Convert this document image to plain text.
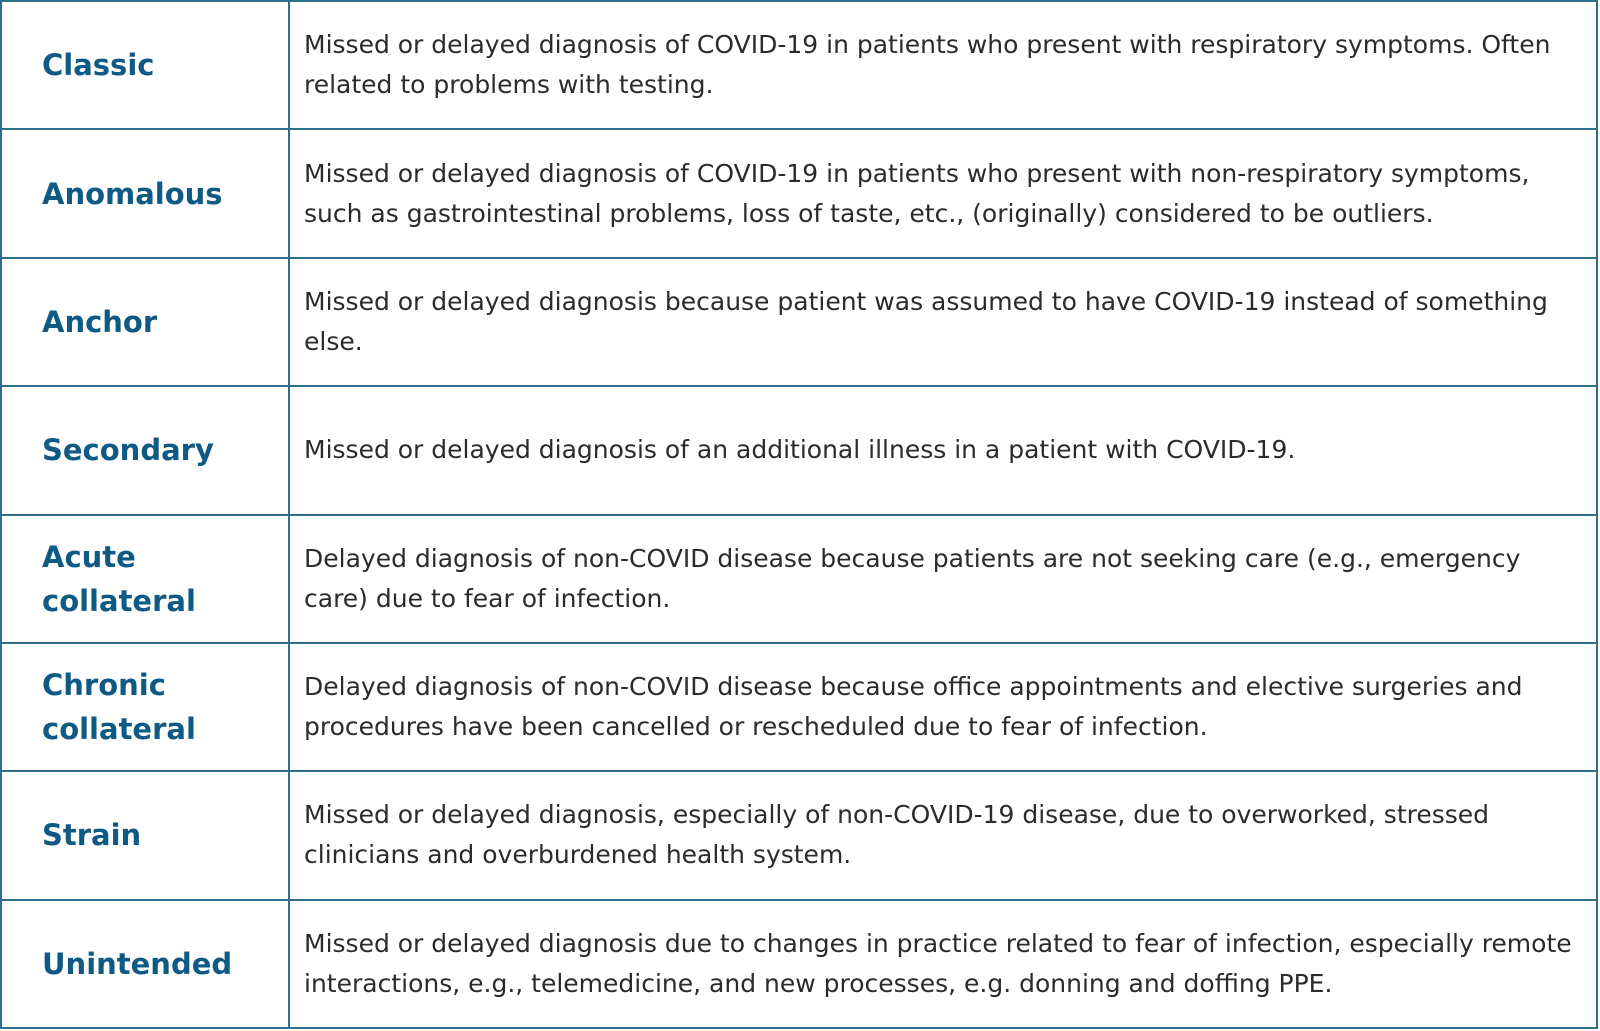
Classic	Missed or delayed diagnosis of COVID-19 in patients who present with respiratory symptoms. Often related to problems with testing.
Anomalous	Missed or delayed diagnosis of COVID-19 in patients who present with non-respiratory symptoms, such as gastrointestinal problems, loss of taste, etc., (originally) considered to be outliers.
Anchor	Missed or delayed diagnosis because patient was assumed to have COVID-19 instead of something else.
Secondary	Missed or delayed diagnosis of an additional illness in a patient with COVID-19.
Acute collateral	Delayed diagnosis of non-COVID disease because patients are not seeking care (e.g., emergency care) due to fear of infection.
Chronic collateral	Delayed diagnosis of non-COVID disease because office appointments and elective surgeries and procedures have been cancelled or rescheduled due to fear of infection.
Strain	Missed or delayed diagnosis, especially of non-COVID-19 disease, due to overworked, stressed clinicians and overburdened health system.
Unintended	Missed or delayed diagnosis due to changes in practice related to fear of infection, especially remote interactions, e.g., telemedicine, and new processes, e.g. donning and doffing PPE.
